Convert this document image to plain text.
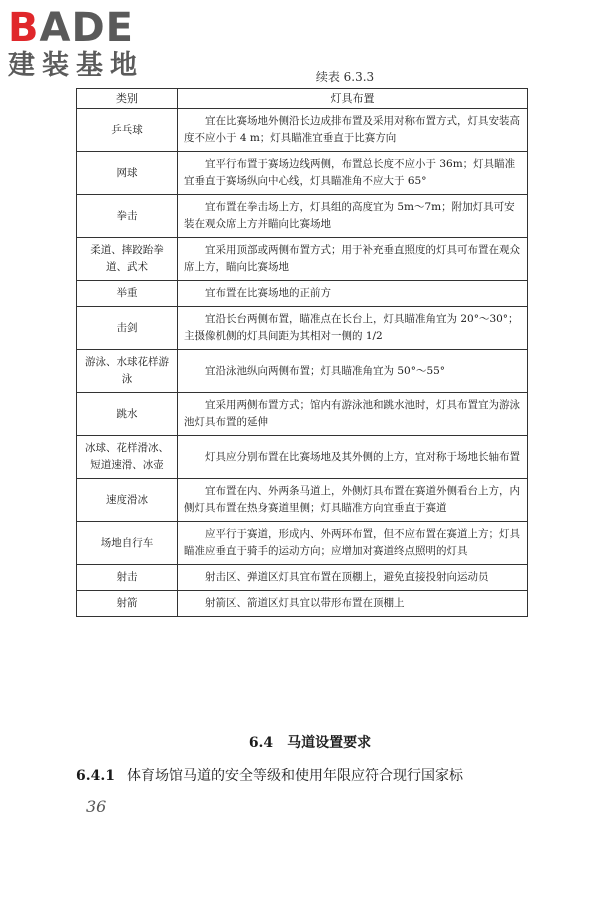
BADE
建装基地	续表 6.3.3
类别	灯具布置
乒乓球	宜在比赛场地外侧沿长边成排布置及采用对称布置方式，灯具安装高度不应小于 4 m；灯具瞄准宜垂直于比赛方向
网球	宜平行布置于赛场边线两侧，布置总长度不应小于 36m；灯具瞄准宜垂直于赛场纵向中心线，灯具瞄准角不应大于 65°
拳击	宜布置在拳击场上方，灯具组的高度宜为 5m～7m；附加灯具可安装在观众席上方并瞄向比赛场地
柔道、摔跤跆拳道、武术	宜采用顶部或两侧布置方式；用于补充垂直照度的灯具可布置在观众席上方，瞄向比赛场地
举重	宜布置在比赛场地的正前方
击剑	宜沿长台两侧布置，瞄准点在长台上，灯具瞄准角宜为 20°～30°；主摄像机侧的灯具间距为其相对一侧的 1/2
游泳、水球花样游泳	宜沿泳池纵向两侧布置；灯具瞄准角宜为 50°～55°
跳水	宜采用两侧布置方式；馆内有游泳池和跳水池时，灯具布置宜为游泳池灯具布置的延伸
冰球、花样滑冰、短道速滑、冰壶	灯具应分别布置在比赛场地及其外侧的上方，宜对称于场地长轴布置
速度滑冰	宜布置在内、外两条马道上，外侧灯具布置在赛道外侧看台上方，内侧灯具布置在热身赛道里侧；灯具瞄准方向宜垂直于赛道
场地自行车	应平行于赛道，形成内、外两环布置，但不应布置在赛道上方；灯具瞄准应垂直于骑手的运动方向；应增加对赛道终点照明的灯具
射击	射击区、弹道区灯具宜布置在顶棚上，避免直接投射向运动员
射箭	射箭区、箭道区灯具宜以带形布置在顶棚上
6.4 马道设置要求
6.4.1 体育场馆马道的安全等级和使用年限应符合现行国家标
36
